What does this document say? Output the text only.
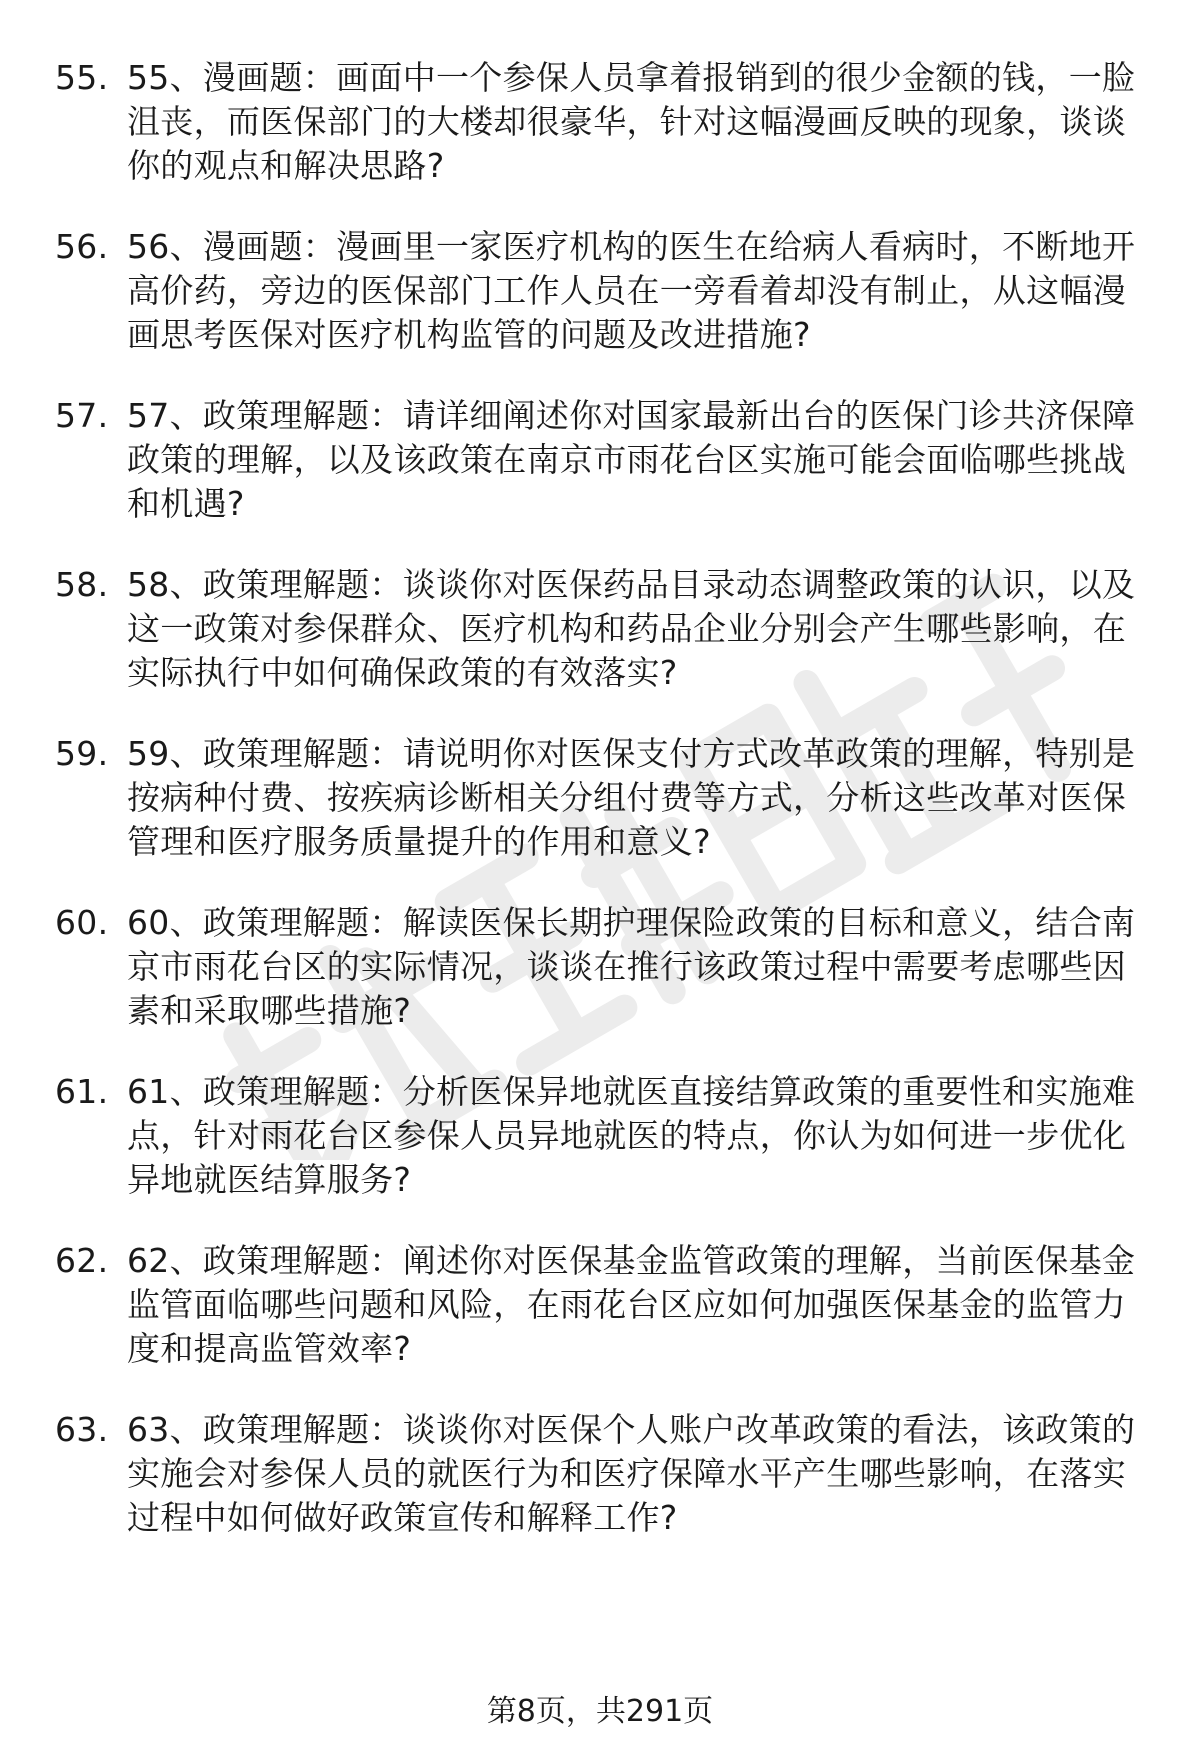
55. 55、漫画题：画面中一个参保人员拿着报销到的很少金额的钱，一脸沮丧，而医保部门的大楼却很豪华，针对这幅漫画反映的现象，谈谈你的观点和解决思路?
56. 56、漫画题：漫画里一家医疗机构的医生在给病人看病时，不断地开高价药，旁边的医保部门工作人员在一旁看着却没有制止，从这幅漫画思考医保对医疗机构监管的问题及改进措施?
57. 57、政策理解题：请详细阐述你对国家最新出台的医保门诊共济保障政策的理解，以及该政策在南京市雨花台区实施可能会面临哪些挑战和机遇?
58. 58、政策理解题：谈谈你对医保药品目录动态调整政策的认识，以及这一政策对参保群众、医疗机构和药品企业分别会产生哪些影响，在实际执行中如何确保政策的有效落实?
59. 59、政策理解题：请说明你对医保支付方式改革政策的理解，特别是按病种付费、按疾病诊断相关分组付费等方式，分析这些改革对医保管理和医疗服务质量提升的作用和意义?
60. 60、政策理解题：解读医保长期护理保险政策的目标和意义，结合南京市雨花台区的实际情况，谈谈在推行该政策过程中需要考虑哪些因素和采取哪些措施?
61. 61、政策理解题：分析医保异地就医直接结算政策的重要性和实施难点，针对雨花台区参保人员异地就医的特点，你认为如何进一步优化异地就医结算服务?
62. 62、政策理解题：阐述你对医保基金监管政策的理解，当前医保基金监管面临哪些问题和风险，在雨花台区应如何加强医保基金的监管力度和提高监管效率?
63. 63、政策理解题：谈谈你对医保个人账户改革政策的看法，该政策的实施会对参保人员的就医行为和医疗保障水平产生哪些影响，在落实过程中如何做好政策宣传和解释工作?
第8页，共291页
